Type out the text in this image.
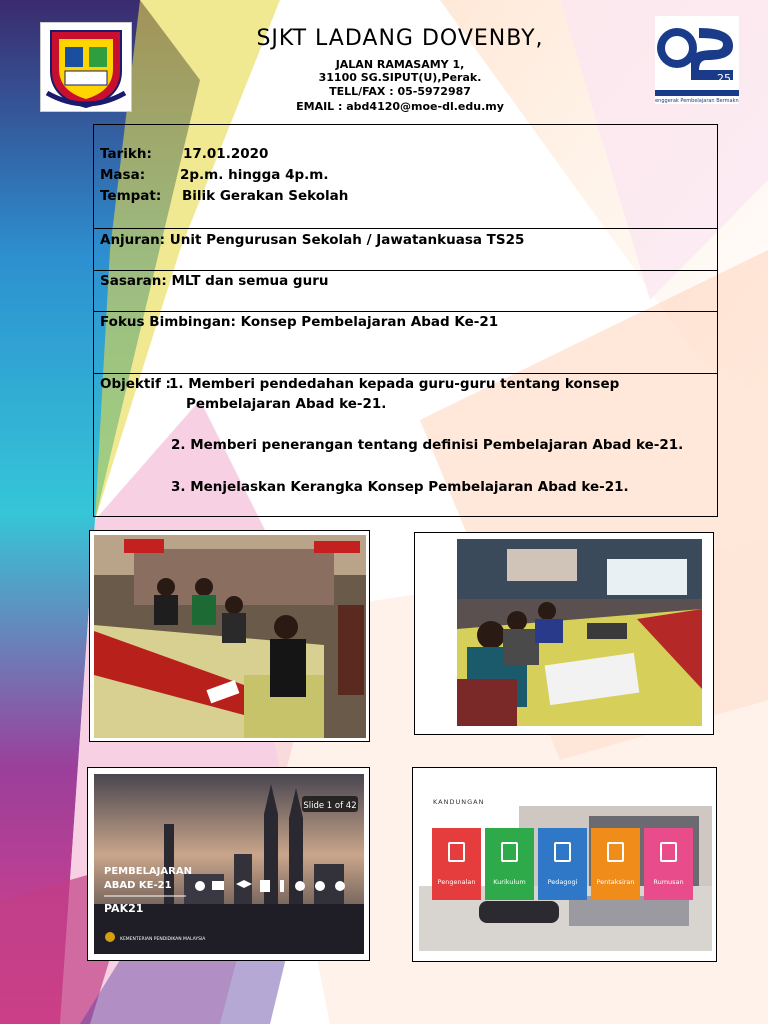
SJKT LADANG DOVENBY,
JALAN RAMASAMY 1,
31100 SG.SIPUT(U),Perak.
TELL/FAX : 05-5972987
EMAIL : abd4120@moe-dl.edu.my
25
Penggerak Pembelajaran Bermakna
Tarikh: 17.01.2020
Masa:	2p.m. hingga 4p.m.
Tempat: Bilik Gerakan Sekolah
Anjuran: Unit Pengurusan Sekolah / Jawatankuasa TS25
Sasaran: MLT dan semua guru
Fokus Bimbingan: Konsep Pembelajaran Abad Ke-21
Objektif :
1. Memberi pendedahan kepada guru-guru tentang konsep
Pembelajaran Abad ke-21.
2. Memberi penerangan tentang definisi Pembelajaran Abad ke-21.
3. Menjelaskan Kerangka Konsep Pembelajaran Abad ke-21.
Slide 1 of 42
PEMBELAJARAN
ABAD KE-21
PAK21
KEMENTERIAN PENDIDIKAN MALAYSIA
KANDUNGAN
Pengenalan	Kurikulum	Pedagogi	Pentaksiran	Rumusan
